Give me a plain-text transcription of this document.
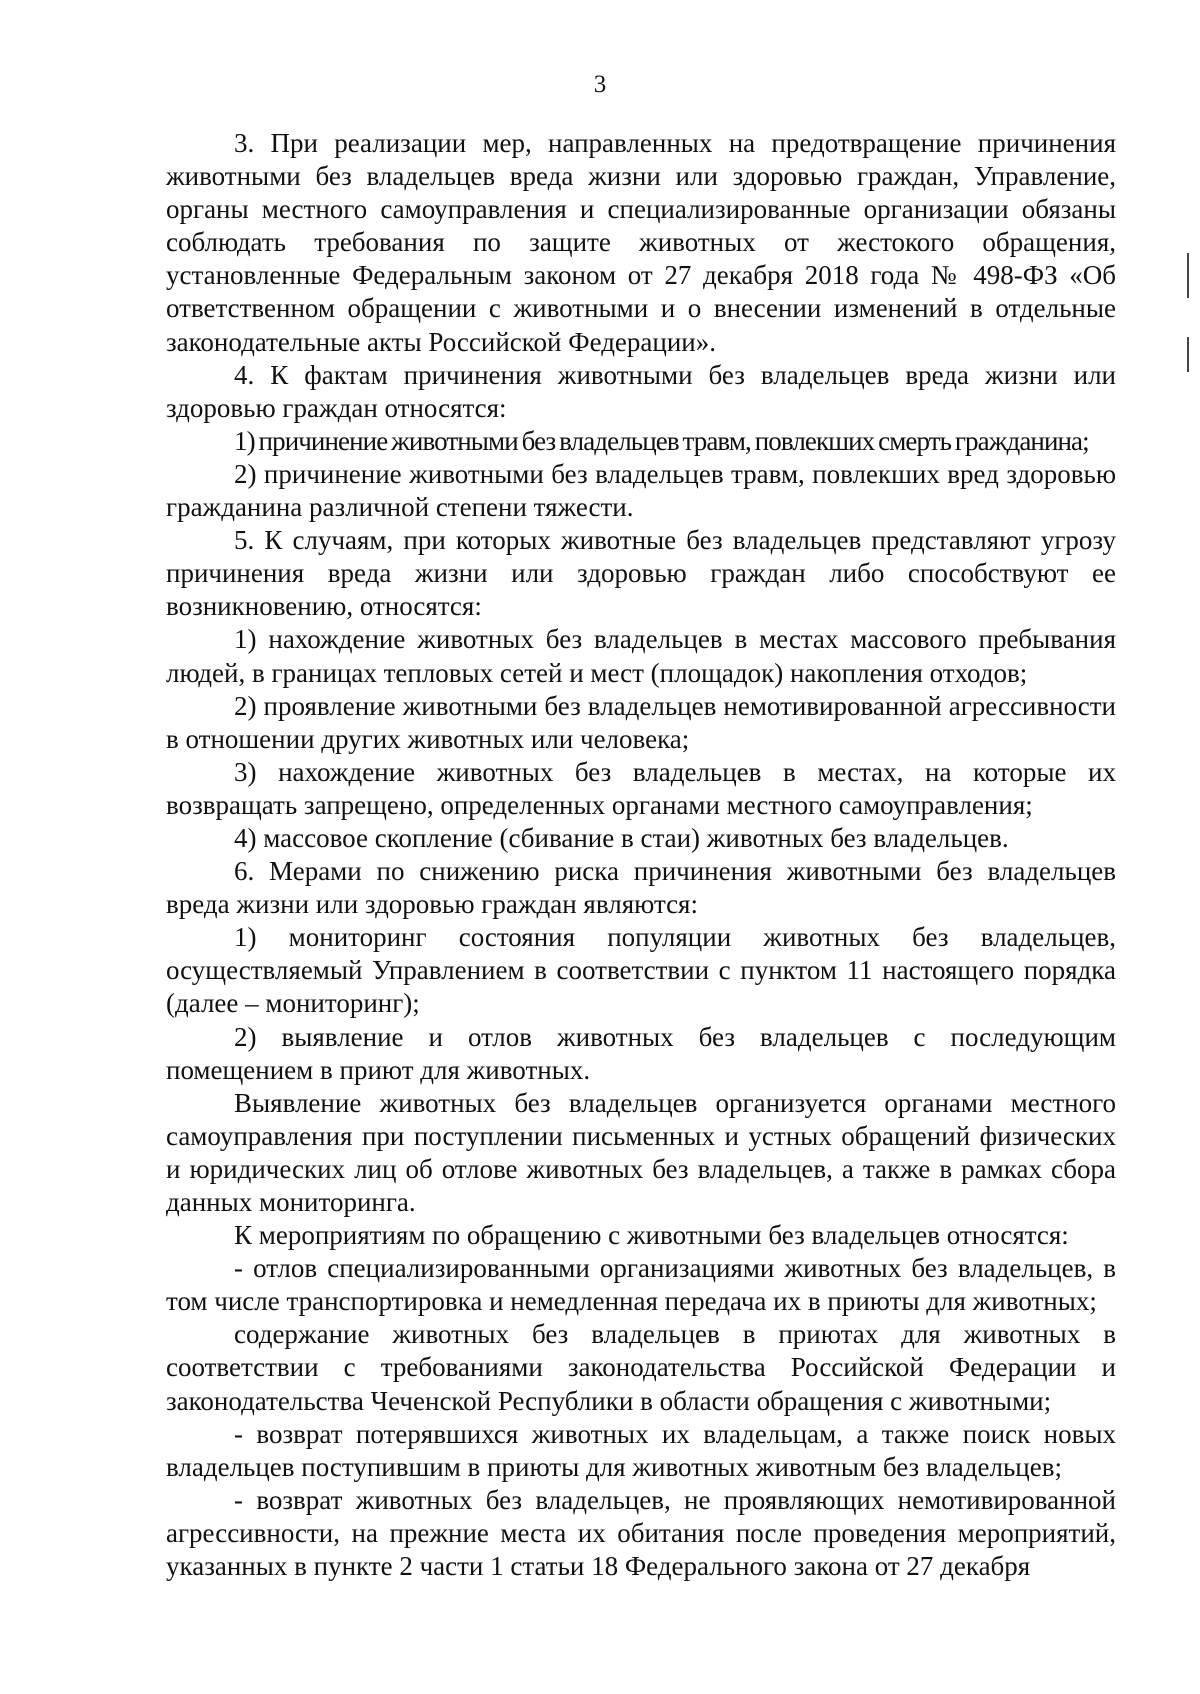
3

3. При реализации мер, направленных на предотвращение причинения животными без владельцев вреда жизни или здоровью граждан, Управление, органы местного самоуправления и специализированные организации обязаны соблюдать требования по защите животных от жестокого обращения, установленные Федеральным законом от 27 декабря 2018 года № 498-ФЗ «Об ответственном обращении с животными и о внесении изменений в отдельные законодательные акты Российской Федерации».

4. К фактам причинения животными без владельцев вреда жизни или здоровью граждан относятся:

1) причинение животными без владельцев травм, повлекших смерть гражданина;

2) причинение животными без владельцев травм, повлекших вред здоровью гражданина различной степени тяжести.

5. К случаям, при которых животные без владельцев представляют угрозу причинения вреда жизни или здоровью граждан либо способствуют ее возникновению, относятся:

1) нахождение животных без владельцев в местах массового пребывания людей, в границах тепловых сетей и мест (площадок) накопления отходов;

2) проявление животными без владельцев немотивированной агрессивности в отношении других животных или человека;

3) нахождение животных без владельцев в местах, на которые их возвращать запрещено, определенных органами местного самоуправления;

4) массовое скопление (сбивание в стаи) животных без владельцев.

6. Мерами по снижению риска причинения животными без владельцев вреда жизни или здоровью граждан являются:

1) мониторинг состояния популяции животных без владельцев, осуществляемый Управлением в соответствии с пунктом 11 настоящего порядка (далее – мониторинг);

2) выявление и отлов животных без владельцев с последующим помещением в приют для животных.

Выявление животных без владельцев организуется органами местного самоуправления при поступлении письменных и устных обращений физических и юридических лиц об отлове животных без владельцев, а также в рамках сбора данных мониторинга.

К мероприятиям по обращению с животными без владельцев относятся:

- отлов специализированными организациями животных без владельцев, в том числе транспортировка и немедленная передача их в приюты для животных;

содержание животных без владельцев в приютах для животных в соответствии с требованиями законодательства Российской Федерации и законодательства Чеченской Республики в области обращения с животными;

- возврат потерявшихся животных их владельцам, а также поиск новых владельцев поступившим в приюты для животных животным без владельцев;

- возврат животных без владельцев, не проявляющих немотивированной агрессивности, на прежние места их обитания после проведения мероприятий, указанных в пункте 2 части 1 статьи 18 Федерального закона от 27 декабря
